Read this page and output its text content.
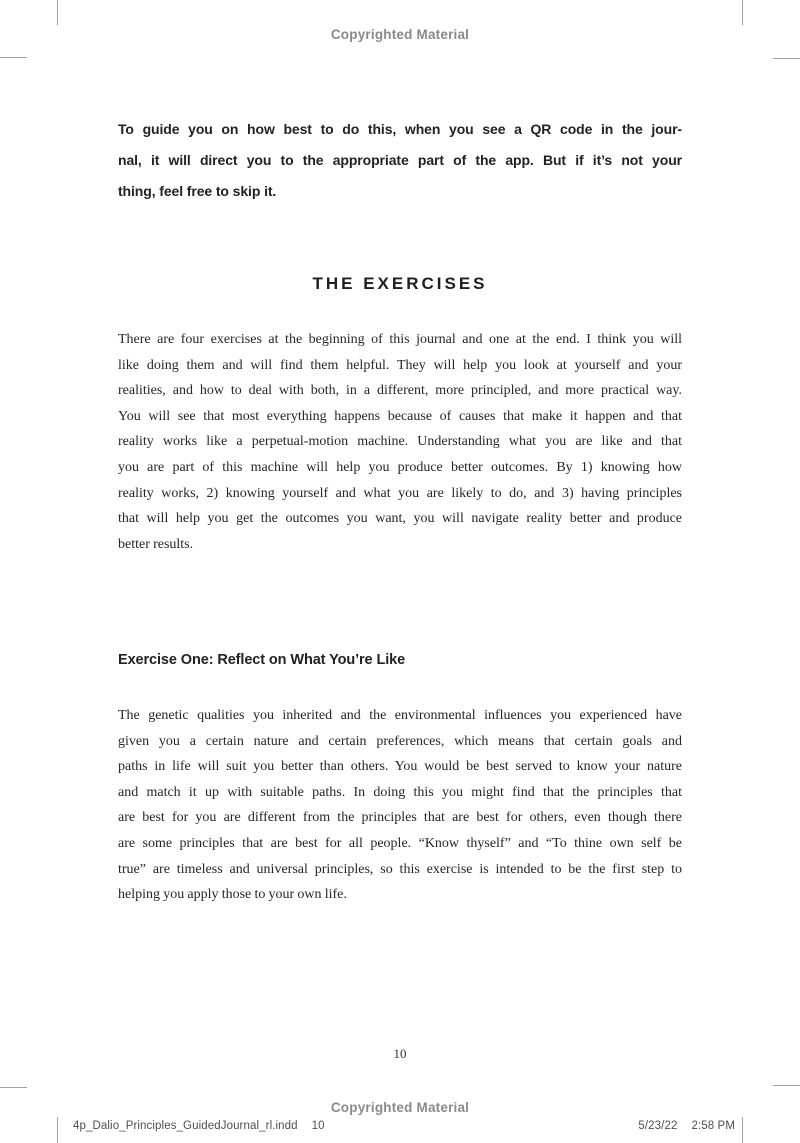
Copyrighted Material
To guide you on how best to do this, when you see a QR code in the jour-
nal, it will direct you to the appropriate part of the app. But if it’s not your
thing, feel free to skip it.
THE EXERCISES
There are four exercises at the beginning of this journal and one at the end. I think you will
like doing them and will find them helpful. They will help you look at yourself and your
realities, and how to deal with both, in a different, more principled, and more practical way.
You will see that most everything happens because of causes that make it happen and that
reality works like a perpetual-motion machine. Understanding what you are like and that
you are part of this machine will help you produce better outcomes. By 1) knowing how
reality works, 2) knowing yourself and what you are likely to do, and 3) having principles
that will help you get the outcomes you want, you will navigate reality better and produce
better results.
Exercise One: Reflect on What You’re Like
The genetic qualities you inherited and the environmental influences you experienced have
given you a certain nature and certain preferences, which means that certain goals and
paths in life will suit you better than others. You would be best served to know your nature
and match it up with suitable paths. In doing this you might find that the principles that
are best for you are different from the principles that are best for others, even though there
are some principles that are best for all people. “Know thyself” and “To thine own self be
true” are timeless and universal principles, so this exercise is intended to be the first step to
helping you apply those to your own life.
10
Copyrighted Material
4p_Dalio_Principles_GuidedJournal_rl.indd 10	5/23/22 2:58 PM
